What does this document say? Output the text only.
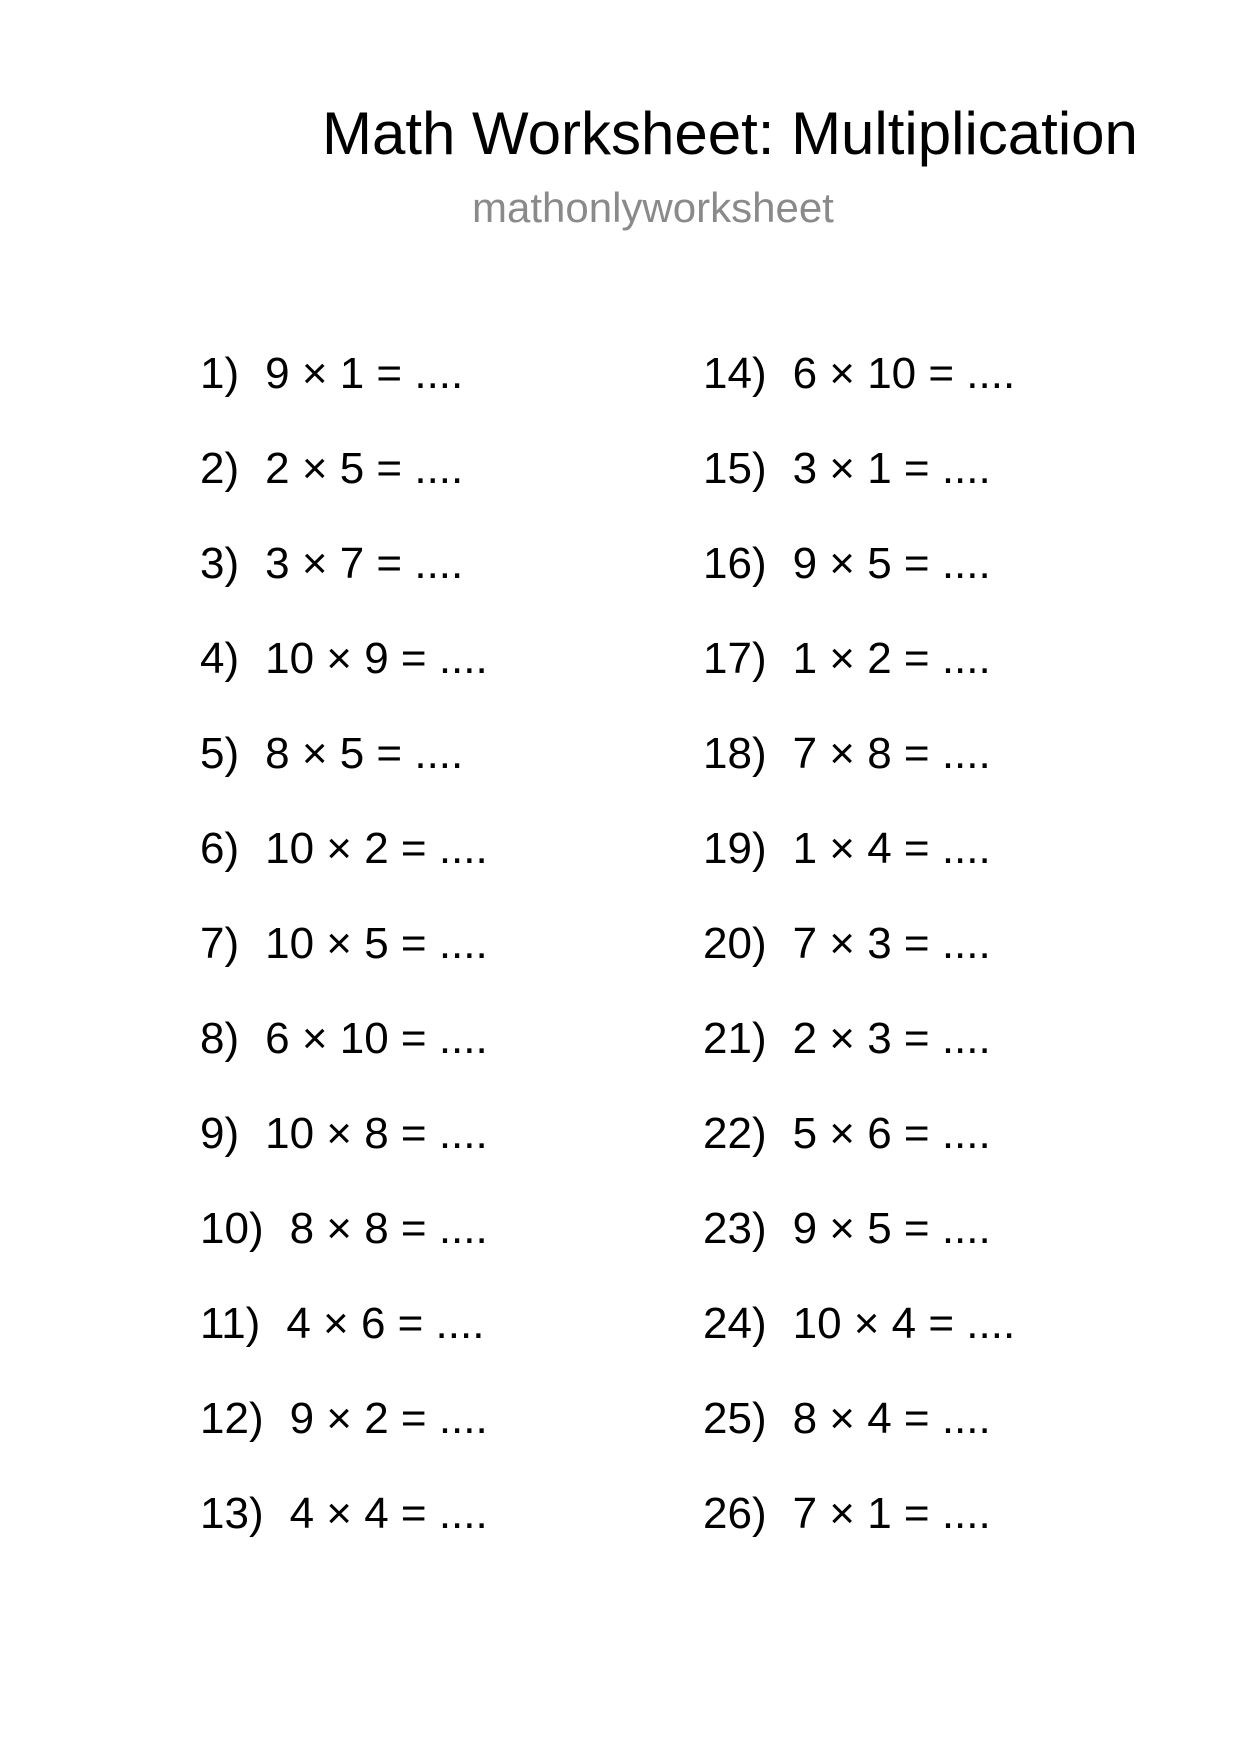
Math Worksheet: Multiplication
mathonlyworksheet
1) 9 × 1 = ....
2) 2 × 5 = ....
3) 3 × 7 = ....
4) 10 × 9 = ....
5) 8 × 5 = ....
6) 10 × 2 = ....
7) 10 × 5 = ....
8) 6 × 10 = ....
9) 10 × 8 = ....
10) 8 × 8 = ....
11) 4 × 6 = ....
12) 9 × 2 = ....
13) 4 × 4 = ....
14) 6 × 10 = ....
15) 3 × 1 = ....
16) 9 × 5 = ....
17) 1 × 2 = ....
18) 7 × 8 = ....
19) 1 × 4 = ....
20) 7 × 3 = ....
21) 2 × 3 = ....
22) 5 × 6 = ....
23) 9 × 5 = ....
24) 10 × 4 = ....
25) 8 × 4 = ....
26) 7 × 1 = ....
